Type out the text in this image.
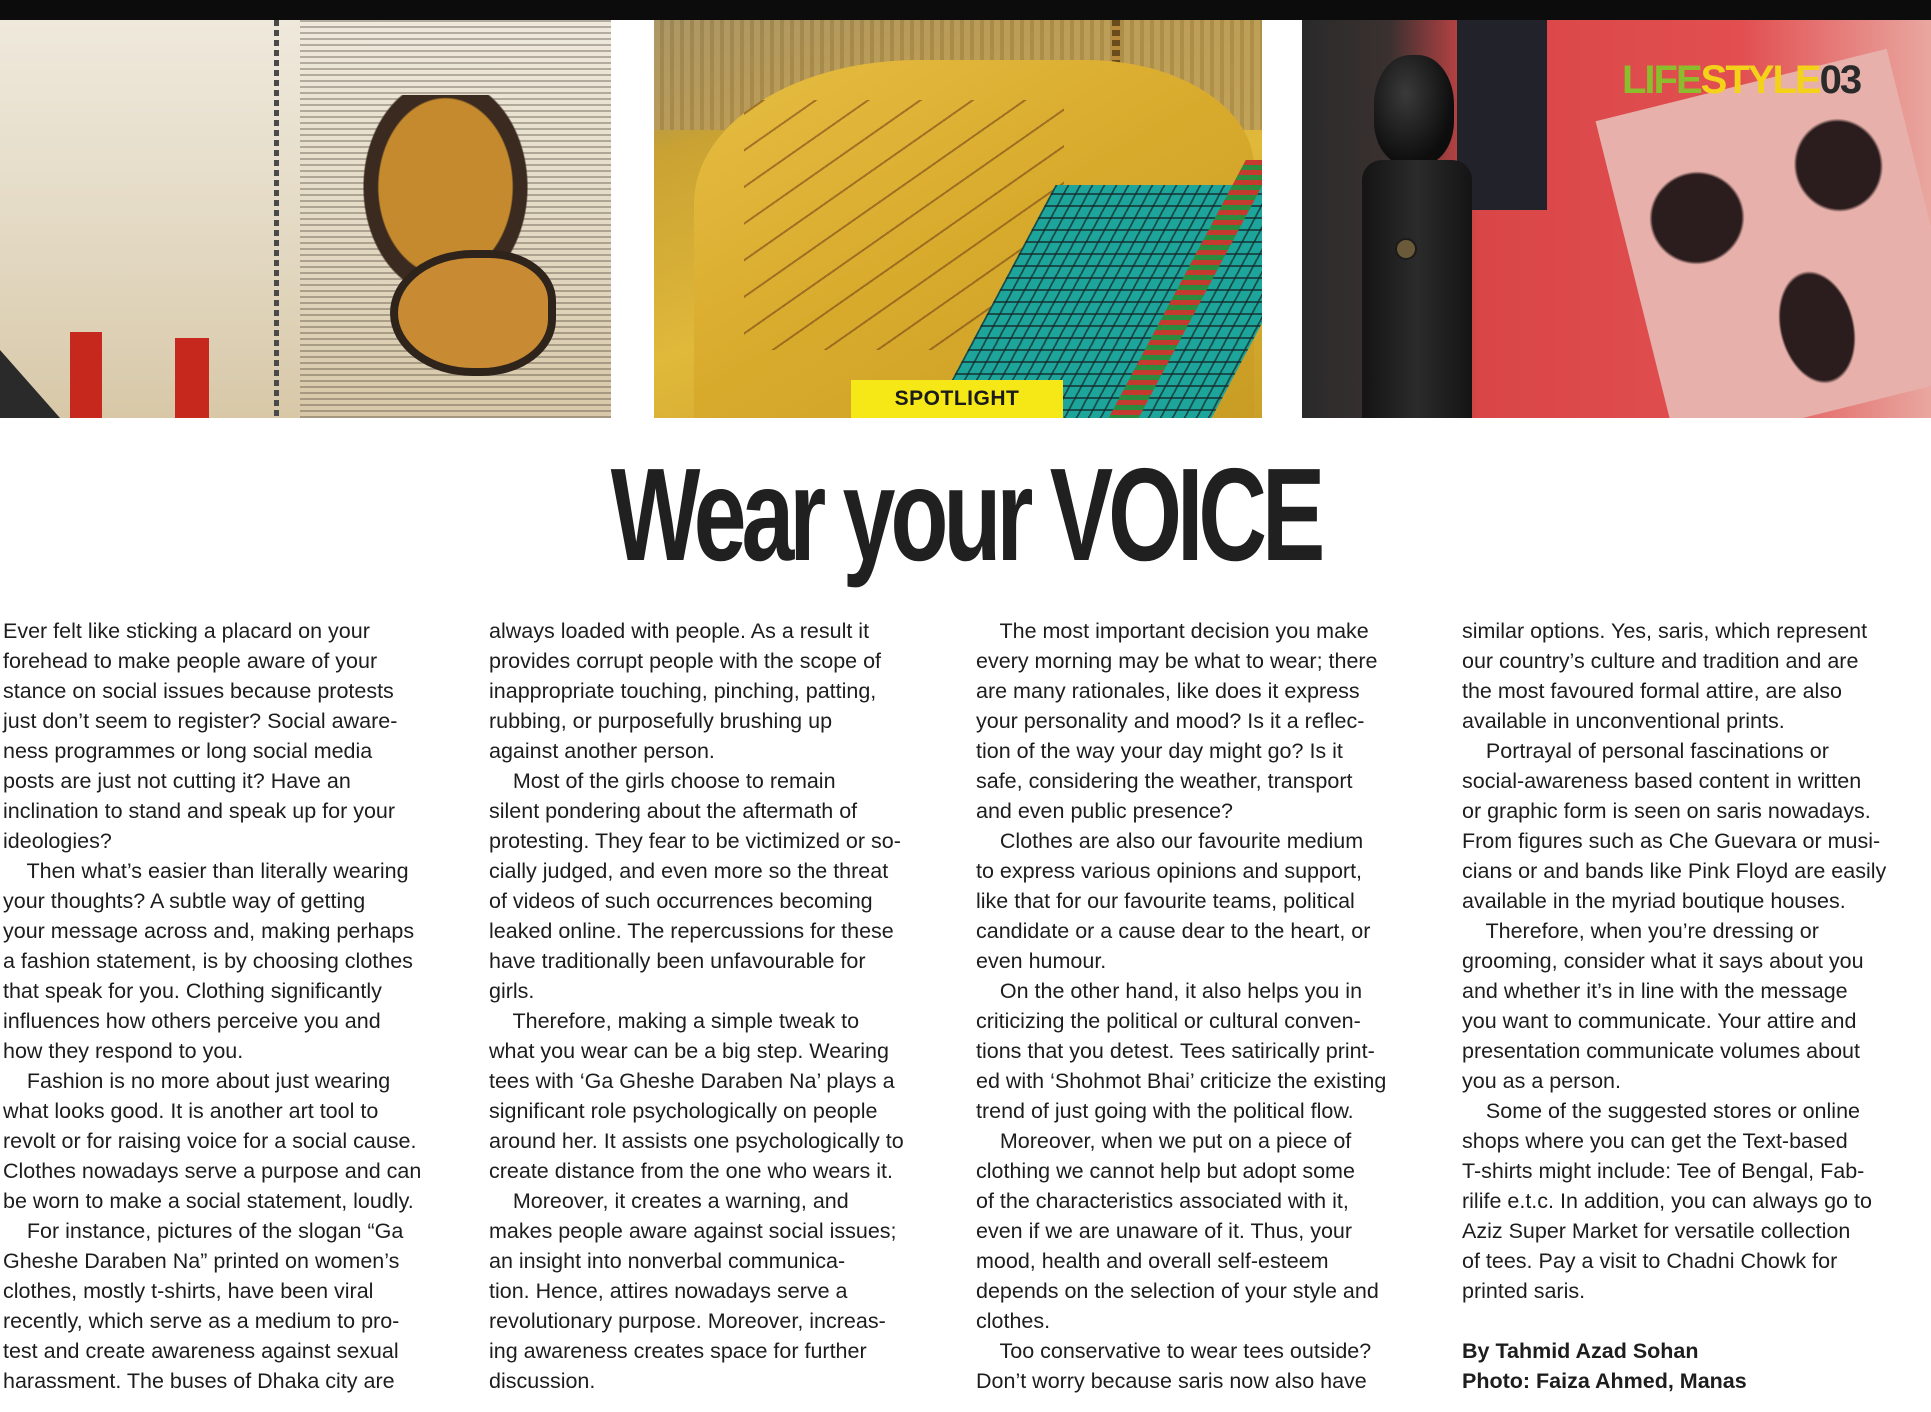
LIFESTYLE03
SPOTLIGHT
Wear your VOICE

Ever felt like sticking a placard on your

forehead to make people aware of your

stance on social issues because protests

just don’t seem to register? Social aware-

ness programmes or long social media

posts are just not cutting it? Have an

inclination to stand and speak up for your

ideologies?

Then what’s easier than literally wearing

your thoughts? A subtle way of getting

your message across and, making perhaps

a fashion statement, is by choosing clothes

that speak for you. Clothing significantly

influences how others perceive you and

how they respond to you.

Fashion is no more about just wearing

what looks good. It is another art tool to

revolt or for raising voice for a social cause.

Clothes nowadays serve a purpose and can

be worn to make a social statement, loudly.

For instance, pictures of the slogan “Ga

Gheshe Daraben Na” printed on women’s

clothes, mostly t-shirts, have been viral

recently, which serve as a medium to pro-

test and create awareness against sexual

harassment. The buses of Dhaka city are

always loaded with people. As a result it

provides corrupt people with the scope of

inappropriate touching, pinching, patting,

rubbing, or purposefully brushing up

against another person.

Most of the girls choose to remain

silent pondering about the aftermath of

protesting. They fear to be victimized or so-

cially judged, and even more so the threat

of videos of such occurrences becoming

leaked online. The repercussions for these

have traditionally been unfavourable for

girls.

Therefore, making a simple tweak to

what you wear can be a big step. Wearing

tees with ‘Ga Gheshe Daraben Na’ plays a

significant role psychologically on people

around her. It assists one psychologically to

create distance from the one who wears it.

Moreover, it creates a warning, and

makes people aware against social issues;

an insight into nonverbal communica-

tion. Hence, attires nowadays serve a

revolutionary purpose. Moreover, increas-

ing awareness creates space for further

discussion.

The most important decision you make

every morning may be what to wear; there

are many rationales, like does it express

your personality and mood? Is it a reflec-

tion of the way your day might go? Is it

safe, considering the weather, transport

and even public presence?

Clothes are also our favourite medium

to express various opinions and support,

like that for our favourite teams, political

candidate or a cause dear to the heart, or

even humour.

On the other hand, it also helps you in

criticizing the political or cultural conven-

tions that you detest. Tees satirically print-

ed with ‘Shohmot Bhai’ criticize the existing

trend of just going with the political flow.

Moreover, when we put on a piece of

clothing we cannot help but adopt some

of the characteristics associated with it,

even if we are unaware of it. Thus, your

mood, health and overall self-esteem

depends on the selection of your style and

clothes.

Too conservative to wear tees outside?

Don’t worry because saris now also have

similar options. Yes, saris, which represent

our country’s culture and tradition and are

the most favoured formal attire, are also

available in unconventional prints.

Portrayal of personal fascinations or

social-awareness based content in written

or graphic form is seen on saris nowadays.

From figures such as Che Guevara or musi-

cians or and bands like Pink Floyd are easily

available in the myriad boutique houses.

Therefore, when you’re dressing or

grooming, consider what it says about you

and whether it’s in line with the message

you want to communicate. Your attire and

presentation communicate volumes about

you as a person.

Some of the suggested stores or online

shops where you can get the Text-based

T-shirts might include: Tee of Bengal, Fab-

rilife e.t.c. In addition, you can always go to

Aziz Super Market for versatile collection

of tees. Pay a visit to Chadni Chowk for

printed saris.

By Tahmid Azad Sohan

Photo: Faiza Ahmed, Manas
